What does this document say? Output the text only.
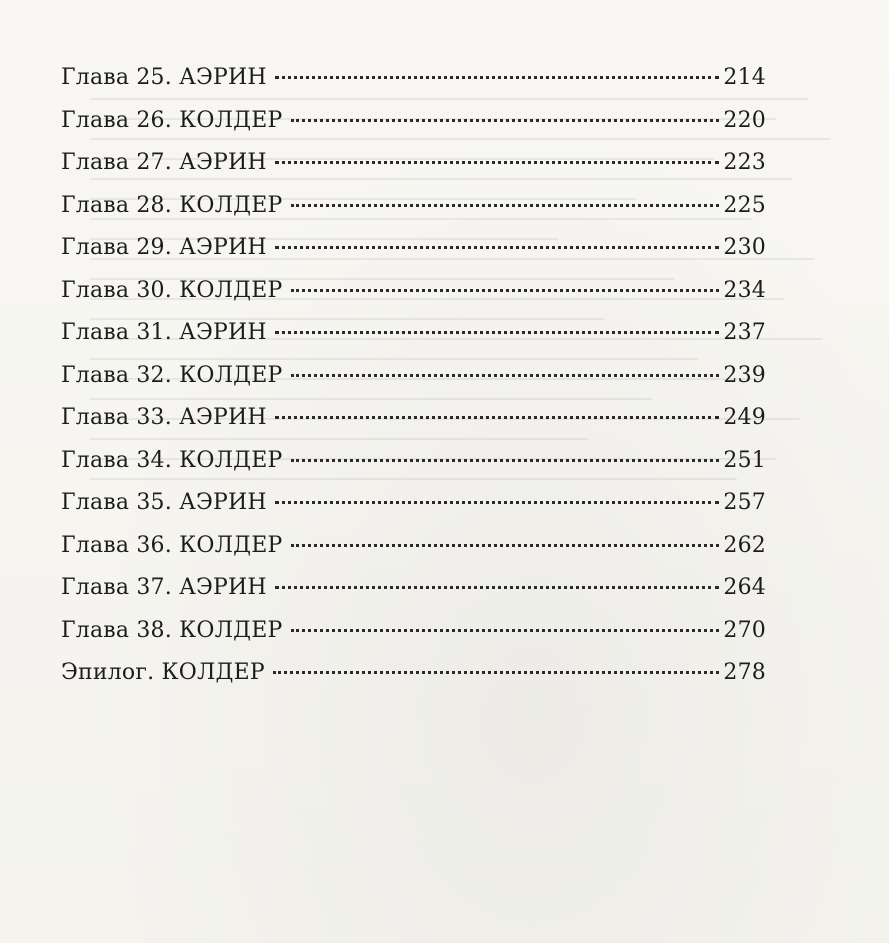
Глава 25. АЭРИН	214
Глава 26. КОЛДЕР	220
Глава 27. АЭРИН	223
Глава 28. КОЛДЕР	225
Глава 29. АЭРИН	230
Глава 30. КОЛДЕР	234
Глава 31. АЭРИН	237
Глава 32. КОЛДЕР	239
Глава 33. АЭРИН	249
Глава 34. КОЛДЕР	251
Глава 35. АЭРИН	257
Глава 36. КОЛДЕР	262
Глава 37. АЭРИН	264
Глава 38. КОЛДЕР	270
Эпилог. КОЛДЕР	278
